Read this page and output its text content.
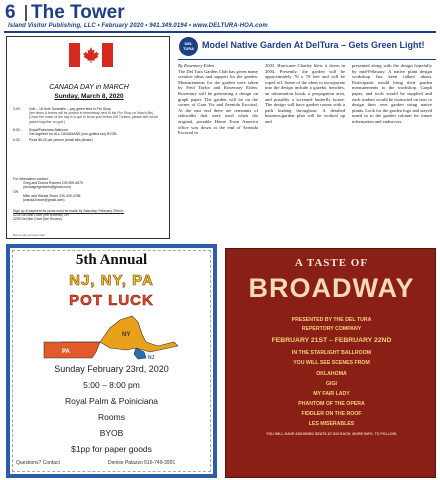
6 The Tower
Island Visitor Publishing, LLC • February 2020 • 941.349.0194 • www.DELTURA-HOA.com
CANADA DAY in MARCH
Sunday, March 8, 2020
2:00 - Golf – 18 Hole Scramble – pay green fees in Pro Shop
(tee times & teams will be posted in breezeway next to the Pro Shop on March 6th)
(Once the roster of the day is to get to know your fellow Del Turians, please still not be paired together on golf.)
6:00 - Royal/Poinciana Ballroom
Get-together for ALL CANADIANS (non-golfers too) BYOB
6:30 - Pizza $6.00 per person (small bills please)
For information contact:
Greg and Donna Roberts 239-599-4570
(donnagregroberts@gmail.com)
OR
Mike and Wanda Shore 239-349-4788
(wanda2shore@gmail.com)
Sign up & payment for pizza must be made by Saturday, February 29th in:
2225 Del Mar Drive (the Roberts) OR
2209 Del Mar Drive (the Shores)
Bonus with personal cash
DEL TURA Model Native Garden At DelTura – Gets Green Light!
By Rosemary Eiden
The Del Tura Garden Club has given many creative ideas and support for the garden. Measurements for the garden were taken by Fred Taylor and Rosemary Eiden. Rosemary will be generating a design on graph paper. The garden will be on the corner of Gran Via and Avenida Escorial. At the east end there are remnants of sidewalks that were used when the original, portable Home Town America office was down at the end of Avenida Escorial in
2003. Hurricane Charley blew it down in 2004. Presently, the garden will be approximately 70 x 70 feet and will be roped off. Some of the ideas to incorporate into the design include a gazebo, benches, an information kiosk, a propagation area, and possibly a screened butterfly house. The design will have garden rooms with a path leading throughout. A detailed business/garden plan will be worked up and
presented along with the design hopefully by mid-February. A native plant design workshop has been talked about. Participants would bring their garden measurements to the workshop. Graph paper, and tools would be supplied and each student would be instructed on how to design their own garden using native plants. Look for the garden logo and stayed tuned in to the garden column for future information and endeavors.
5th Annual
NJ, NY, PA
POT LUCK
PA
NY
NJ
Sunday February 23rd, 2020
5:00 – 8:00 pm
Royal Palm & Poiniciana
Rooms
BYOB
$1pp for paper goods
Questions? Contact	Denise Palazzo 516-749-3991
A TASTE OF
BROADWAY
PRESENTED BY THE DEL TURA
REPERTORY COMPANY
FEBRUARY 21ST – FEBRUARY 22ND
IN THE STARLIGHT BALLROOM
YOU WILL SEE SCENES FROM
OKLAHOMA
GIGI
MY FAIR LADY
PHANTOM OF THE OPERA
FIDDLER ON THE ROOF
LES MISERABLES
YOU WILL HAVE ASSIGNED SEATS AT $10 EACH. MORE INFO. TO FOLLOW.
